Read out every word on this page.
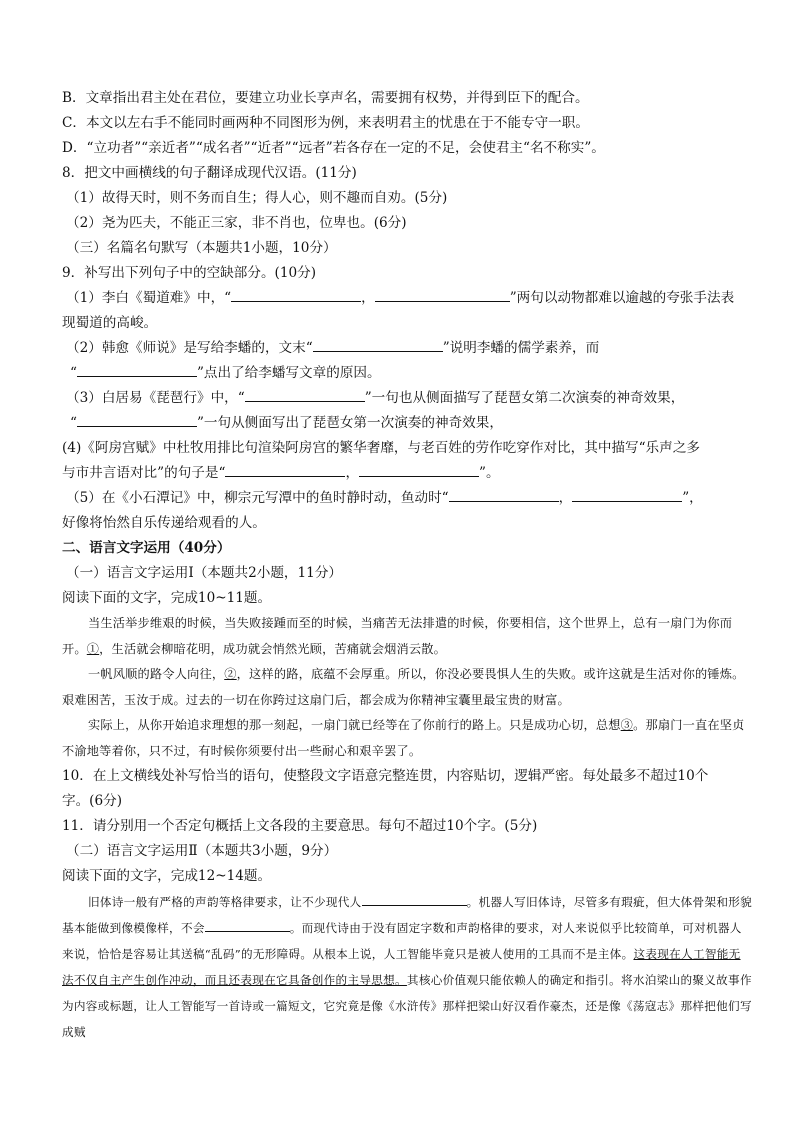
B．文章指出君主处在君位，要建立功业长享声名，需要拥有权势，并得到臣下的配合。
C．本文以左右手不能同时画两种不同图形为例，来表明君主的忧患在于不能专守一职。
D．“立功者”“亲近者”“成名者”“近者”“远者”若各存在一定的不足，会使君主“名不称实”。
8．把文中画横线的句子翻译成现代汉语。(11分)
（1）故得天时，则不务而自生；得人心，则不趣而自劝。(5分)
（2）尧为匹夫，不能正三家，非不肖也，位卑也。(6分)
（三）名篇名句默写（本题共1小题，10分）
9．补写出下列句子中的空缺部分。(10分)
（1）李白《蜀道难》中，“	，	”两句以动物都难以逾越的夸张手法表
现蜀道的高峻。
（2）韩愈《师说》是写给李蟠的，文末“	”说明李蟠的儒学素养，而
“	”点出了给李蟠写文章的原因。
（3）白居易《琵琶行》中，“	”一句也从侧面描写了琵琶女第二次演奏的神奇效果，
“	”一句从侧面写出了琵琶女第一次演奏的神奇效果，
(4)《阿房宫赋》中杜牧用排比句渲染阿房宫的繁华奢靡，与老百姓的劳作吃穿作对比，其中描写“乐声之多
与市井言语对比”的句子是“	，	”。
（5）在《小石潭记》中，柳宗元写潭中的鱼时静时动，鱼动时“	，	”，
好像将怡然自乐传递给观看的人。
二、语言文字运用（40分）
（一）语言文字运用Ⅰ（本题共2小题，11分）
阅读下面的文字，完成10~11题。
当生活举步维艰的时候，当失败接踵而至的时候，当痛苦无法排遣的时候，你要相信，这个世界上，总有一扇门为你而开。①，生活就会柳暗花明，成功就会悄然光顾，苦痛就会烟消云散。
一帆风顺的路令人向往，②，这样的路，底蕴不会厚重。所以，你没必要畏惧人生的失败。或许这就是生活对你的锤炼。艰难困苦，玉汝于成。过去的一切在你跨过这扇门后，都会成为你精神宝囊里最宝贵的财富。
实际上，从你开始追求理想的那一刻起，一扇门就已经等在了你前行的路上。只是成功心切，总想③。那扇门一直在坚贞不渝地等着你，只不过，有时候你须要付出一些耐心和艰辛罢了。
10．在上文横线处补写恰当的语句，使整段文字语意完整连贯，内容贴切，逻辑严密。每处最多不超过10个
字。(6分)
11．请分别用一个否定句概括上文各段的主要意思。每句不超过10个字。(5分)
（二）语言文字运用Ⅱ（本题共3小题，9分）
阅读下面的文字，完成12~14题。
旧体诗一般有严格的声韵等格律要求，让不少现代人	。机器人写旧体诗，尽管多有瑕疵，但大体骨架和形貌基本能做到像模像样，不会	。而现代诗由于没有固定字数和声韵格律的要求，对人来说似乎比较简单，可对机器人来说，恰恰是容易让其送稿“乱码”的无形障碍。从根本上说，人工智能毕竟只是被人使用的工具而不是主体。这表现在人工智能无法不仅自主产生创作冲动，而且还表现在它具备创作的主导思想。其核心价值观只能依赖人的确定和指引。将水泊梁山的聚义故事作为内容或标题，让人工智能写一首诗或一篇短文，它究竟是像《水浒传》那样把梁山好汉看作豪杰，还是像《荡寇志》那样把他们写成贼
